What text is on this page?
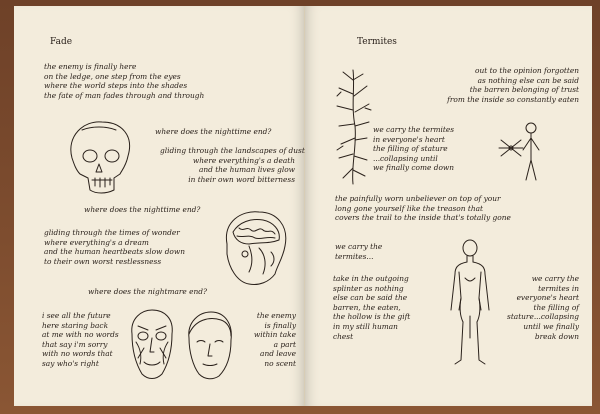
Fade
the enemy is finally here
on the ledge, one step from the eyes
where the world steps into the shades
the fate of man fades through and through
where does the nighttime end?
gliding through the landscapes of dust
where everything's a death
and the human lives glow
in their own word bitterness
where does the nighttime end?
gliding through the times of wonder
where everything's a dream
and the human heartbeats slow down
to their own worst restlessness
where does the nightmare end?
i see all the future
here staring back
at me with no words
that say i'm sorry
with no words that
say who's right
the enemy
is finally
within take
a part
and leave
no scent
Termites
out to the opinion forgotten
as nothing else can be said
the barren belonging of trust
from the inside so constantly eaten
we carry the termites
in everyone's heart
the filling of stature
...collapsing until
we finally come down
the painfully worn unbeliever on top of your
long gone yourself like the treason that
covers the trail to the inside that's totally gone
we carry the
termites...
take in the outgoing
splinter as nothing
else can be said the
barren, the eaten,
the hollow is the gift
in my still human
chest
we carry the
termites in
everyone's heart
the filling of
stature...collapsing
until we finally
break down
